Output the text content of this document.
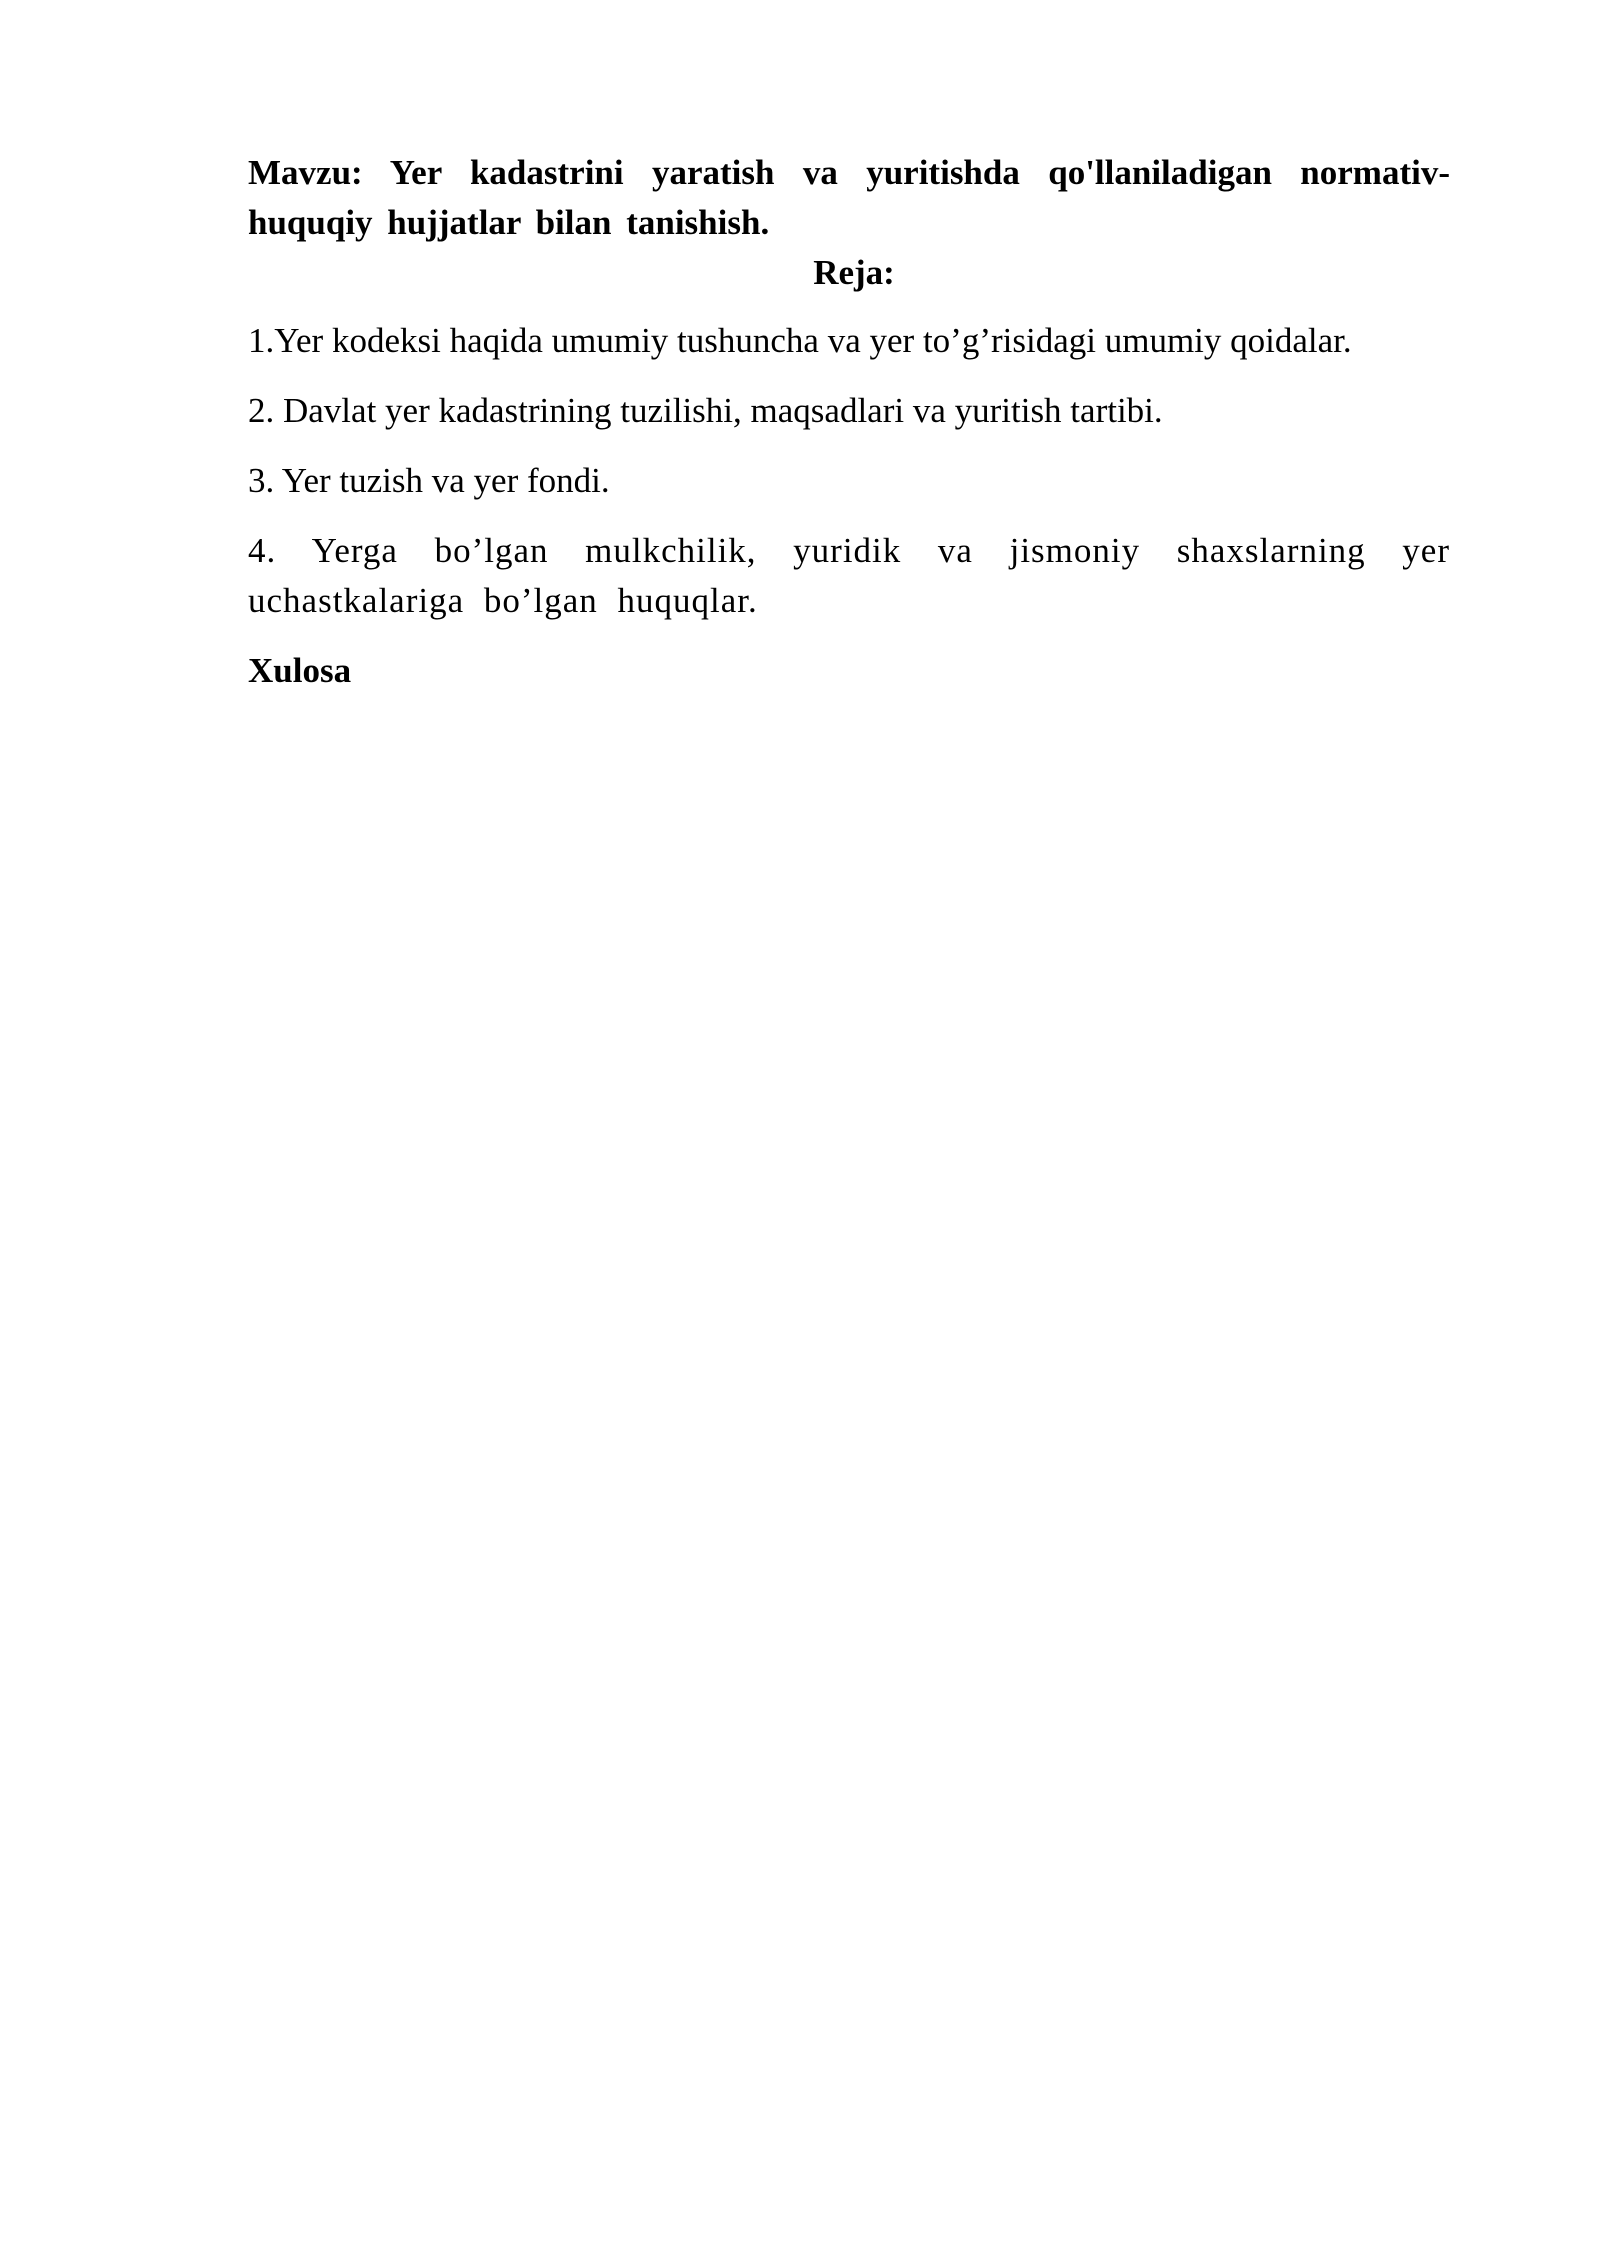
Mavzu: Yer kadastrini yaratish va yuritishda qo'llaniladigan normativ-huquqiy hujjatlar bilan tanishish.

Reja:

1.Yer kodeksi haqida umumiy tushuncha va yer to’g’risidagi umumiy qoidalar.
2. Davlat yer kadastrining tuzilishi, maqsadlari va yuritish tartibi.
3. Yer tuzish va yer fondi.
4. Yerga bo’lgan mulkchilik, yuridik va jismoniy shaxslarning yer uchastkalariga bo’lgan huquqlar.

Xulosa
